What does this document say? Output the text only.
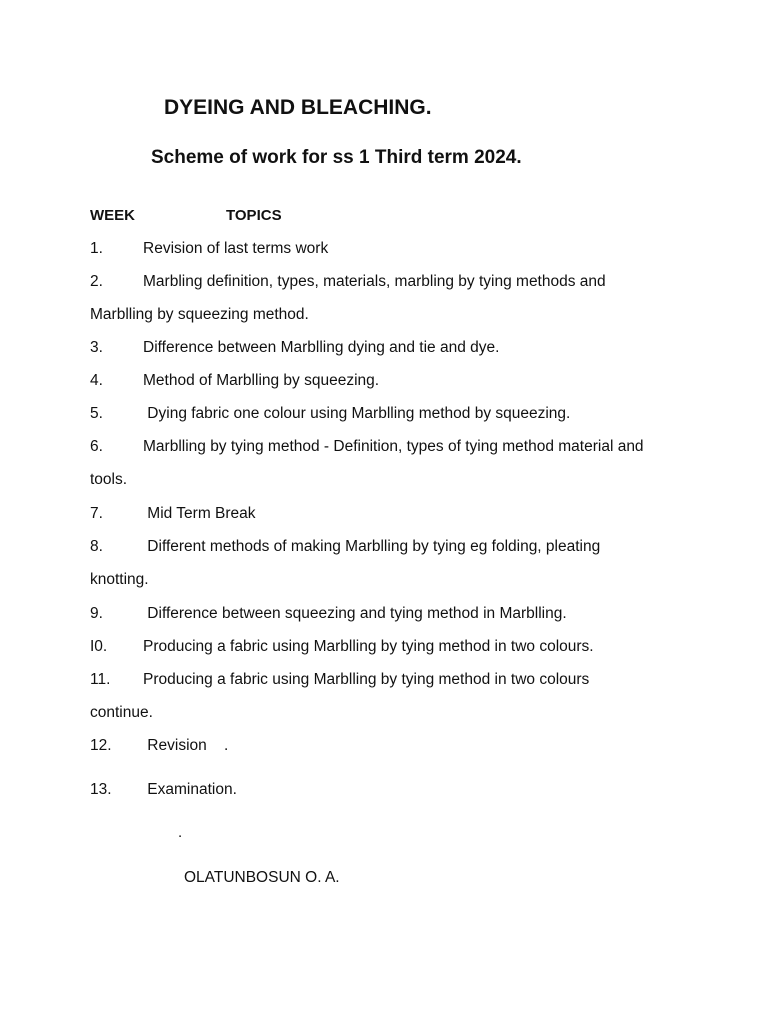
DYEING AND BLEACHING.
Scheme of work for ss 1 Third term 2024.
WEEK	TOPICS
1.	Revision of last terms work
2.	Marbling definition, types, materials, marbling by tying methods and
Marblling by squeezing method.
3.	Difference between Marblling dying and tie and dye.
4.	Method of Marblling by squeezing.
5.	Dying fabric one colour using Marblling method by squeezing.
6.	Marblling by tying method - Definition, types of tying method material and
tools.
7.	Mid Term Break
8.	Different methods of making Marblling by tying eg folding, pleating
knotting.
9.	Difference between squeezing and tying method in Marblling.
I0. Producing a fabric using Marblling by tying method in two colours.
11. Producing a fabric using Marblling by tying method in two colours
continue.
12. Revision    .
13. Examination.
.
OLATUNBOSUN O. A.
